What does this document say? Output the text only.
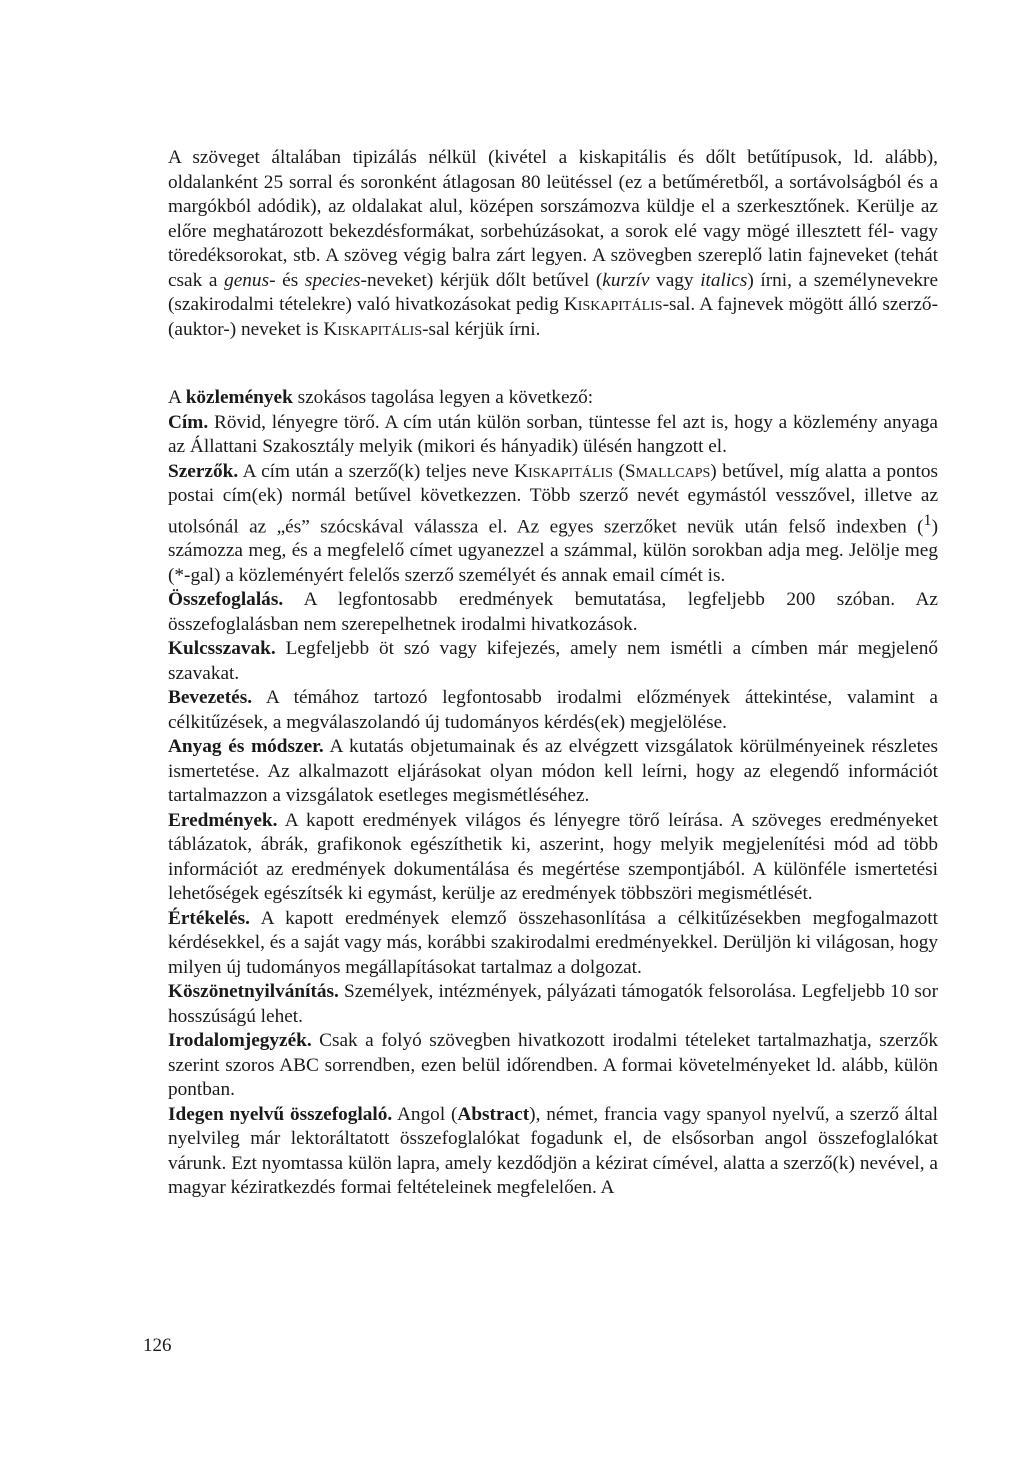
A szöveget általában tipizálás nélkül (kivétel a kiskapitális és dőlt betűtípusok, ld. alább), oldalanként 25 sorral és soronként átlagosan 80 leütéssel (ez a betűméretből, a sortávolságból és a margókból adódik), az oldalakat alul, középen sorszámozva küldje el a szerkesztőnek. Kerülje az előre meghatározott bekezdésformákat, sorbehúzásokat, a sorok elé vagy mögé illesztett fél- vagy töredéksorokat, stb. A szöveg végig balra zárt legyen. A szövegben szereplő latin fajneveket (tehát csak a genus- és species-neveket) kérjük dőlt betűvel (kurzív vagy italics) írni, a személynevekre (szakirodalmi tételekre) való hivatkozásokat pedig Kiskapitális-sal. A fajnevek mögött álló szerző- (auktor-) neveket is Kiskapitális-sal kérjük írni.

A közlemények szokásos tagolása legyen a következő:

Cím. Rövid, lényegre törő. A cím után külön sorban, tüntesse fel azt is, hogy a közlemény anyaga az Állattani Szakosztály melyik (mikori és hányadik) ülésén hangzott el.

Szerzők. A cím után a szerző(k) teljes neve Kiskapitális (Smallcaps) betűvel, míg alatta a pontos postai cím(ek) normál betűvel következzen. Több szerző nevét egymástól vesszővel, illetve az utolsónál az „és” szócskával válassza el. Az egyes szerzőket nevük után felső indexben ($^1$) számozza meg, és a megfelelő címet ugyanezzel a számmal, külön sorokban adja meg. Jelölje meg (*-gal) a közleményért felelős szerző személyét és annak email címét is.

Összefoglalás. A legfontosabb eredmények bemutatása, legfeljebb 200 szóban. Az összefoglalásban nem szerepelhetnek irodalmi hivatkozások.

Kulcsszavak. Legfeljebb öt szó vagy kifejezés, amely nem ismétli a címben már megjelenő szavakat.

Bevezetés. A témához tartozó legfontosabb irodalmi előzmények áttekintése, valamint a célkitűzések, a megválaszolandó új tudományos kérdés(ek) megjelölése.

Anyag és módszer. A kutatás objetumainak és az elvégzett vizsgálatok körülményeinek részletes ismertetése. Az alkalmazott eljárásokat olyan módon kell leírni, hogy az elegendő információt tartalmazzon a vizsgálatok esetleges megismétléséhez.

Eredmények. A kapott eredmények világos és lényegre törő leírása. A szöveges eredményeket táblázatok, ábrák, grafikonok egészíthetik ki, aszerint, hogy melyik megjelenítési mód ad több információt az eredmények dokumentálása és megértése szempontjából. A különféle ismertetési lehetőségek egészítsék ki egymást, kerülje az eredmények többszöri megismétlését.

Értékelés. A kapott eredmények elemző összehasonlítása a célkitűzésekben megfogalmazott kérdésekkel, és a saját vagy más, korábbi szakirodalmi eredményekkel. Derüljön ki világosan, hogy milyen új tudományos megállapításokat tartalmaz a dolgozat.

Köszönetnyilvánítás. Személyek, intézmények, pályázati támogatók felsorolása. Legfeljebb 10 sor hosszúságú lehet.

Irodalomjegyzék. Csak a folyó szövegben hivatkozott irodalmi tételeket tartalmazhatja, szerzők szerint szoros ABC sorrendben, ezen belül időrendben. A formai követelményeket ld. alább, külön pontban.

Idegen nyelvű összefoglaló. Angol (Abstract), német, francia vagy spanyol nyelvű, a szerző által nyelvileg már lektoráltatott összefoglalókat fogadunk el, de elsősorban angol összefoglalókat várunk. Ezt nyomtassa külön lapra, amely kezdődjön a kézirat címével, alatta a szerző(k) nevével, a magyar kéziratkezdés formai feltételeinek megfelelően. A

126
